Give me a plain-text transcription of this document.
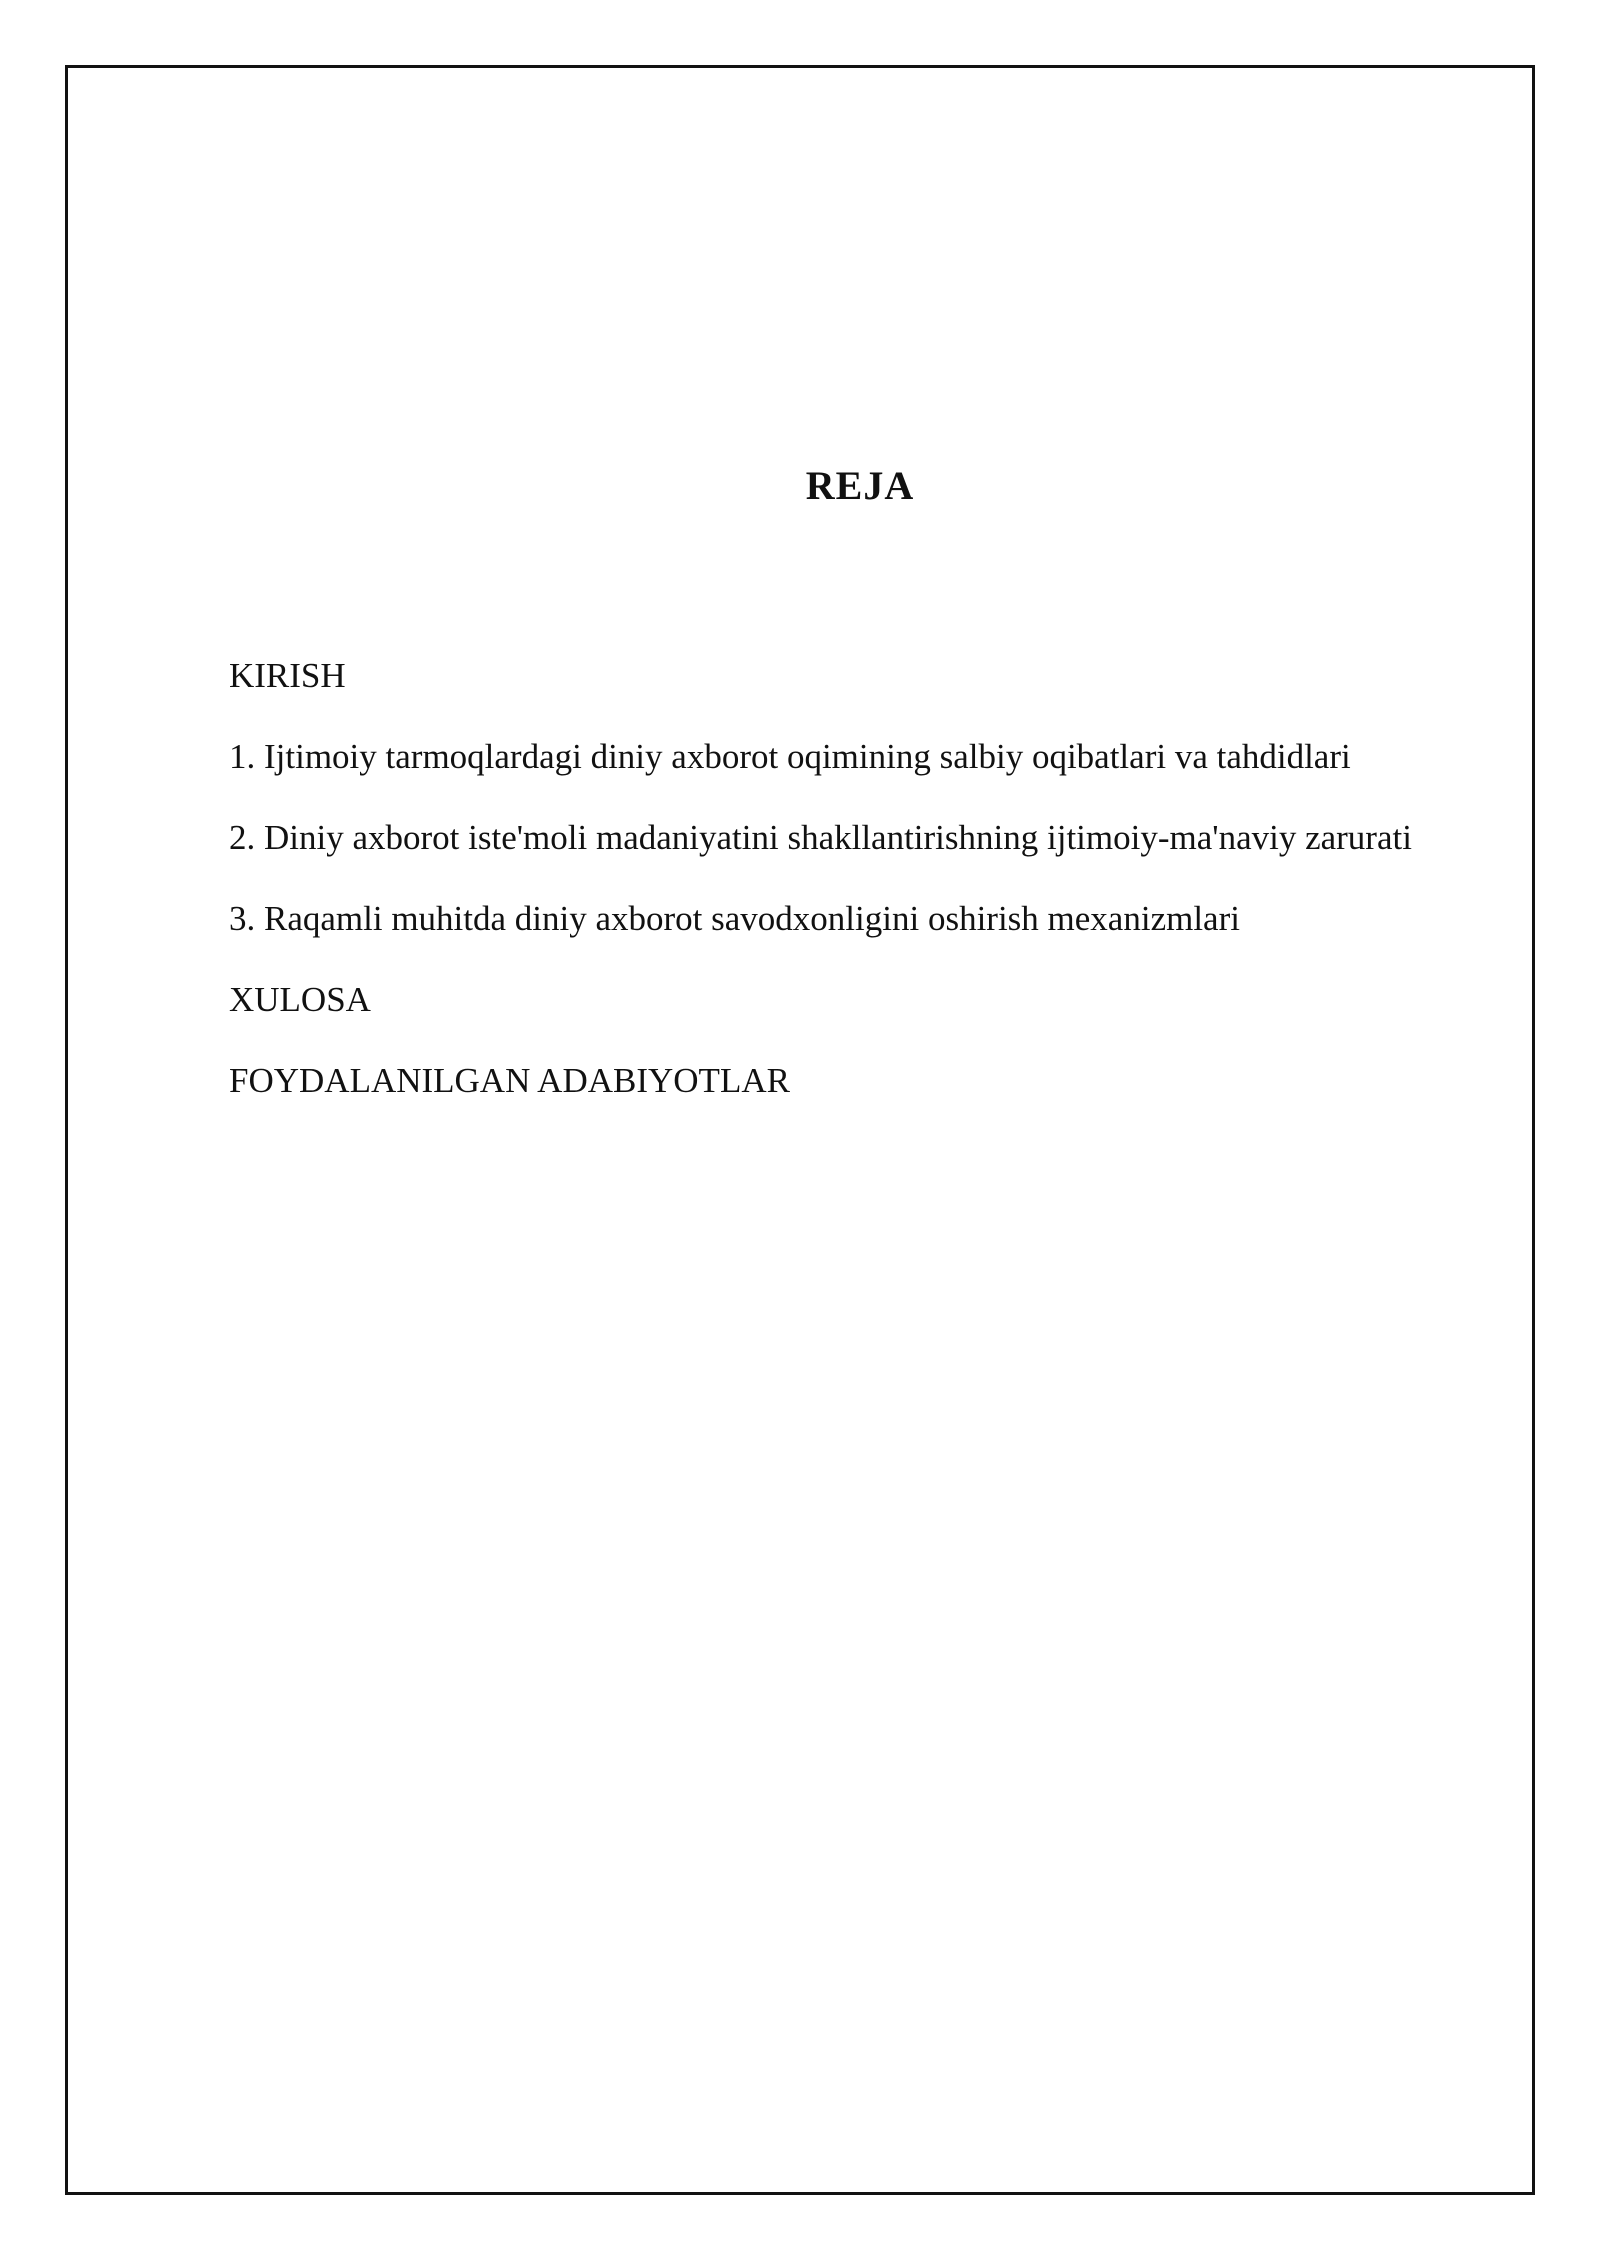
REJA

KIRISH

1. Ijtimoiy tarmoqlardagi diniy axborot oqimining salbiy oqibatlari va tahdidlari

2. Diniy axborot iste'moli madaniyatini shakllantirishning ijtimoiy-ma'naviy zarurati

3. Raqamli muhitda diniy axborot savodxonligini oshirish mexanizmlari

XULOSA

FOYDALANILGAN ADABIYOTLAR
